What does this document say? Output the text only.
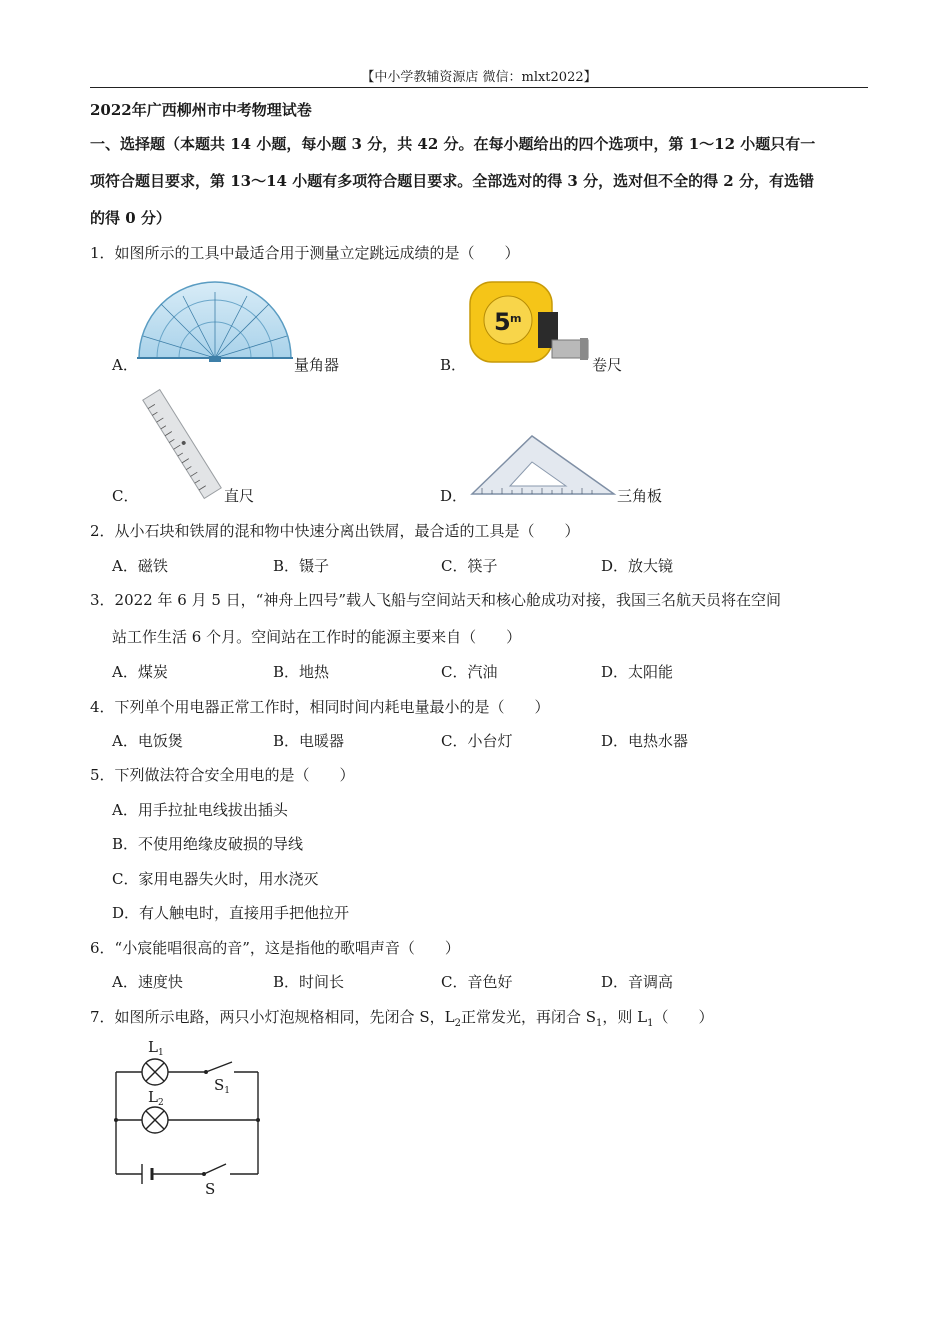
【中小学教辅资源店 微信：mlxt2022】
2022年广西柳州市中考物理试卷
一、选择题（本题共 14 小题，每小题 3 分，共 42 分。在每小题给出的四个选项中，第 1～12 小题只有一
项符合题目要求，第 13～14 小题有多项符合题目要求。全部选对的得 3 分，选对但不全的得 2 分，有选错
的得 0 分）
1．如图所示的工具中最适合用于测量立定跳远成绩的是（　　）
A．	量角器	B．
5 m
卷尺
C．	直尺	D．	三角板
2．从小石块和铁屑的混和物中快速分离出铁屑，最合适的工具是（　　）
A．磁铁	B．镊子	C．筷子	D．放大镜
3．2022 年 6 月 5 日，“神舟上四号”载人飞船与空间站天和核心舱成功对接，我国三名航天员将在空间
站工作生活 6 个月。空间站在工作时的能源主要来自（　　）
A．煤炭	B．地热	C．汽油	D．太阳能
4．下列单个用电器正常工作时，相同时间内耗电量最小的是（　　）
A．电饭煲	B．电暖器	C．小台灯	D．电热水器
5．下列做法符合安全用电的是（　　）
A．用手拉扯电线拔出插头
B．不使用绝缘皮破损的导线
C．家用电器失火时，用水浇灭
D．有人触电时，直接用手把他拉开
6．“小宸能唱很高的音”，这是指他的歌唱声音（　　）
A．速度快	B．时间长	C．音色好	D．音调高
7．如图所示电路，两只小灯泡规格相同，先闭合 S，$L_2$正常发光，再闭合 $S_1$，则 $L_1$（　　）
$L_1$
$L_2$
$S_1$
S
